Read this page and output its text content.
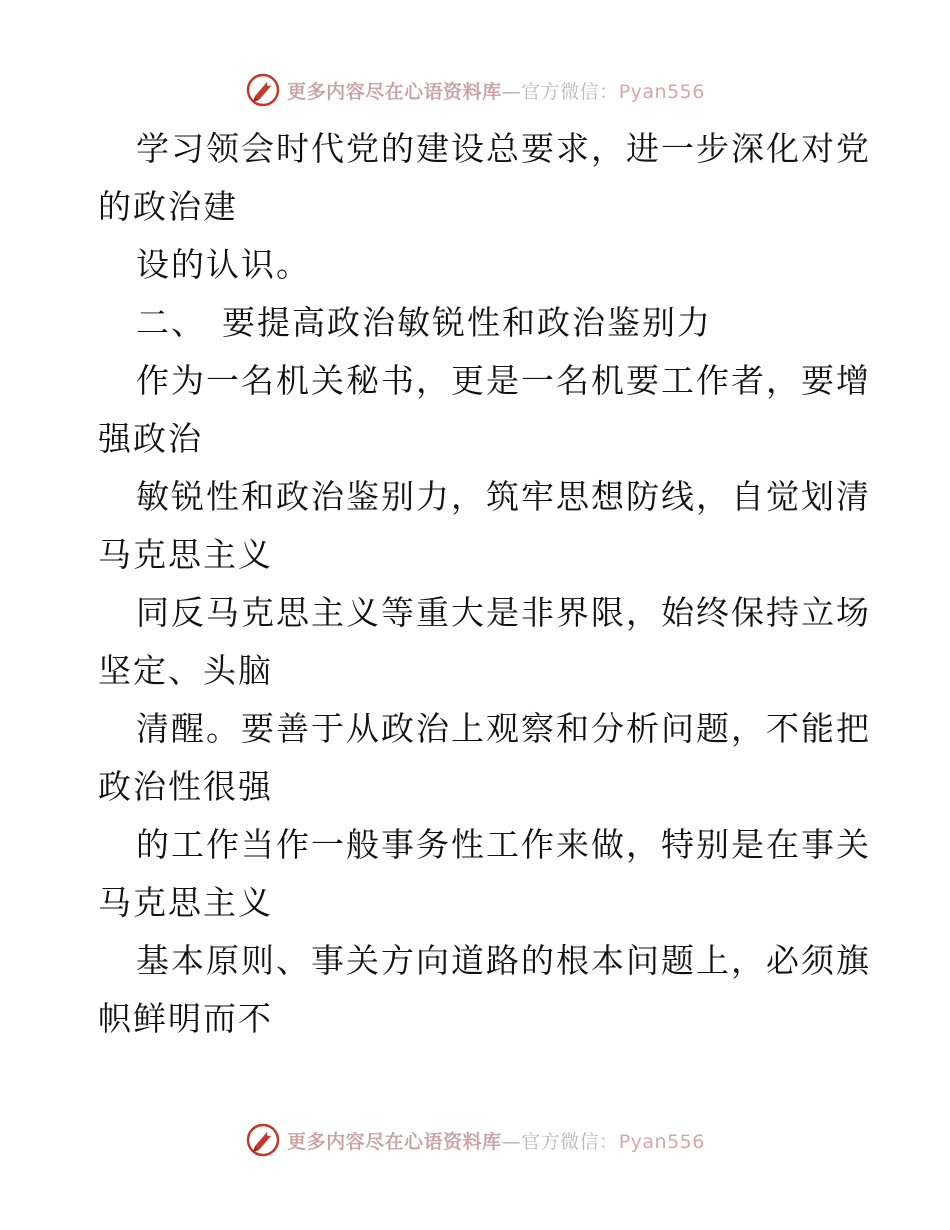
更多内容尽在心语资料库—官方微信：Pyan556
学习领会时代党的建设总要求，进一步深化对党
的政治建
设的认识。
二、 要提高政治敏锐性和政治鉴别力
作为一名机关秘书，更是一名机要工作者，要增
强政治
敏锐性和政治鉴别力，筑牢思想防线，自觉划清
马克思主义
同反马克思主义等重大是非界限，始终保持立场
坚定、头脑
清醒。要善于从政治上观察和分析问题，不能把
政治性很强
的工作当作一般事务性工作来做，特别是在事关
马克思主义
基本原则、事关方向道路的根本问题上，必须旗
帜鲜明而不
更多内容尽在心语资料库—官方微信：Pyan556
